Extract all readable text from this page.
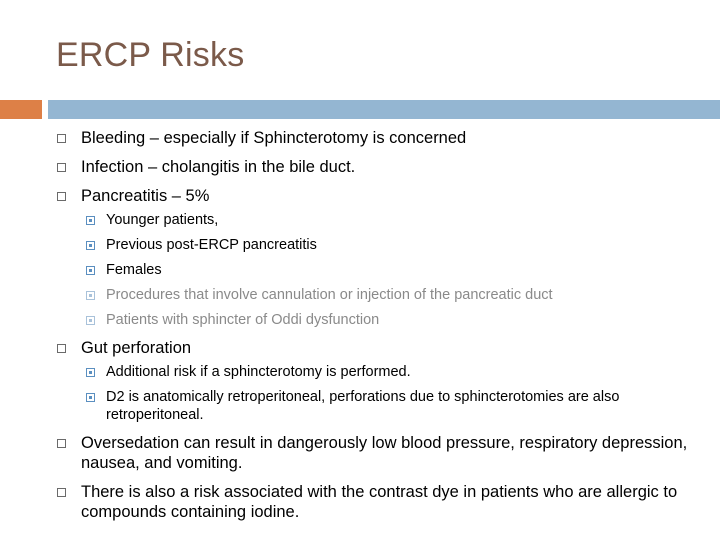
ERCP Risks
Bleeding – especially if Sphincterotomy is concerned
Infection – cholangitis in the bile duct.
Pancreatitis – 5%
Younger patients,
Previous post-ERCP pancreatitis
Females
Procedures that involve cannulation or injection of the pancreatic duct
Patients with sphincter of Oddi dysfunction
Gut perforation
Additional risk if a sphincterotomy is performed.
D2 is anatomically retroperitoneal, perforations due to sphincterotomies are also retroperitoneal.
Oversedation can result in dangerously low blood pressure, respiratory depression, nausea, and vomiting.
There is also a risk associated with the contrast dye in patients who are allergic to compounds containing iodine.
